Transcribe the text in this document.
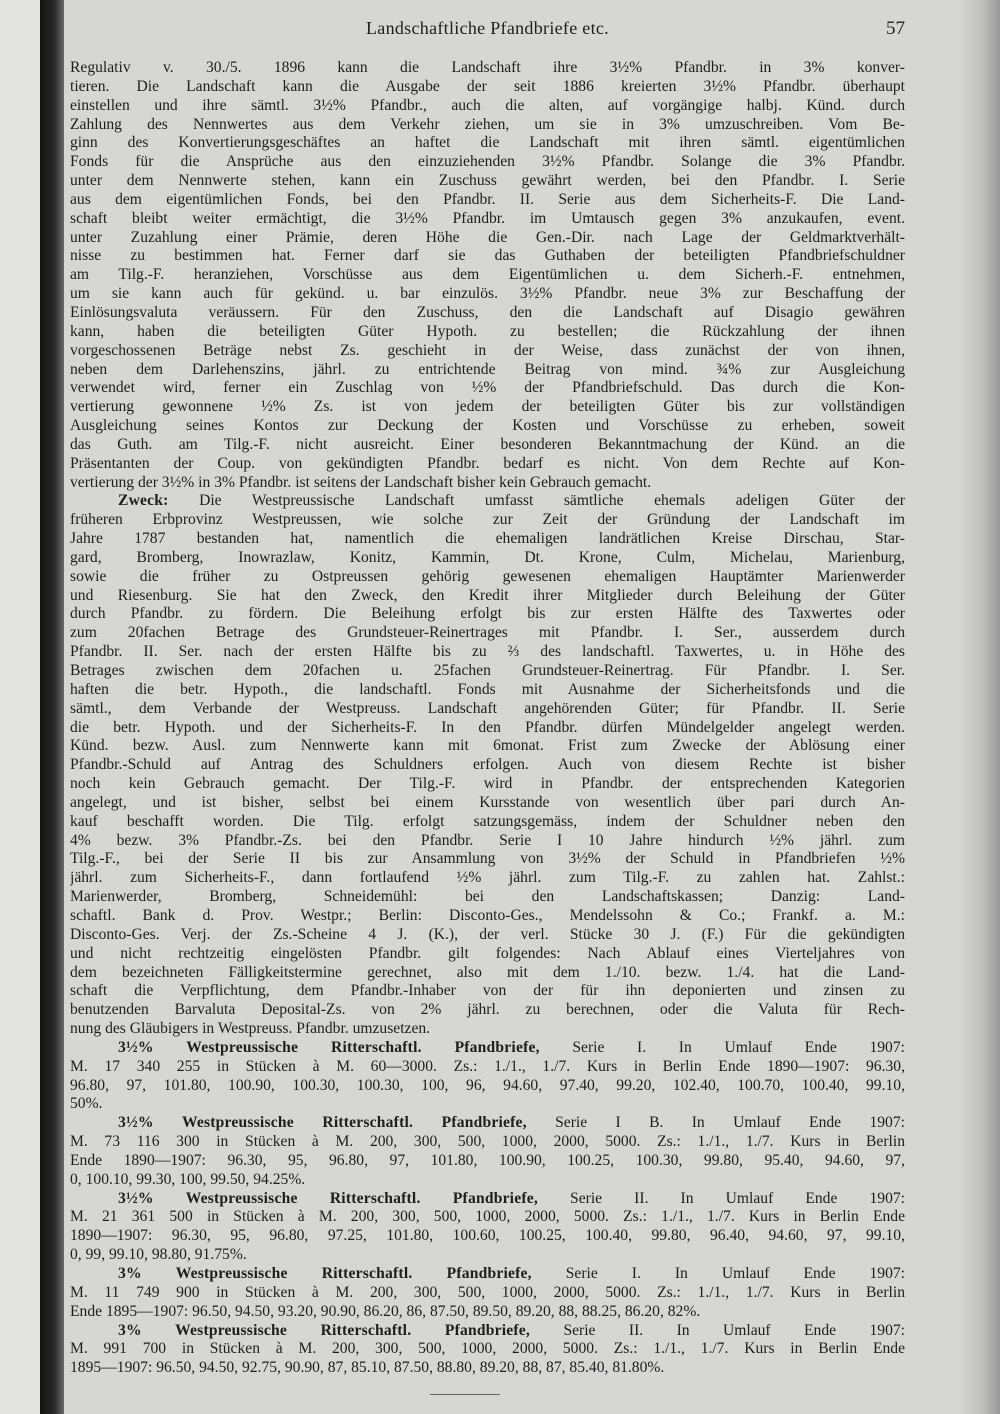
Landschaftliche Pfandbriefe etc.	57
Regulativ v. 30./5. 1896 kann die Landschaft ihre 3½% Pfandbr. in 3% konver-
tieren. Die Landschaft kann die Ausgabe der seit 1886 kreierten 3½% Pfandbr. überhaupt
einstellen und ihre sämtl. 3½% Pfandbr., auch die alten, auf vorgängige halbj. Künd. durch
Zahlung des Nennwertes aus dem Verkehr ziehen, um sie in 3% umzuschreiben. Vom Be-
ginn des Konvertierungsgeschäftes an haftet die Landschaft mit ihren sämtl. eigentümlichen
Fonds für die Ansprüche aus den einzuziehenden 3½% Pfandbr. Solange die 3% Pfandbr.
unter dem Nennwerte stehen, kann ein Zuschuss gewährt werden, bei den Pfandbr. I. Serie
aus dem eigentümlichen Fonds, bei den Pfandbr. II. Serie aus dem Sicherheits-F. Die Land-
schaft bleibt weiter ermächtigt, die 3½% Pfandbr. im Umtausch gegen 3% anzukaufen, event.
unter Zuzahlung einer Prämie, deren Höhe die Gen.-Dir. nach Lage der Geldmarktverhält-
nisse zu bestimmen hat. Ferner darf sie das Guthaben der beteiligten Pfandbriefschuldner
am Tilg.-F. heranziehen, Vorschüsse aus dem Eigentümlichen u. dem Sicherh.-F. entnehmen,
um sie kann auch für gekünd. u. bar einzulös. 3½% Pfandbr. neue 3% zur Beschaffung der
Einlösungsvaluta veräussern. Für den Zuschuss, den die Landschaft auf Disagio gewähren
kann, haben die beteiligten Güter Hypoth. zu bestellen; die Rückzahlung der ihnen
vorgeschossenen Beträge nebst Zs. geschieht in der Weise, dass zunächst der von ihnen,
neben dem Darlehenszins, jährl. zu entrichtende Beitrag von mind. ¾% zur Ausgleichung
verwendet wird, ferner ein Zuschlag von ½% der Pfandbriefschuld. Das durch die Kon-
vertierung gewonnene ½% Zs. ist von jedem der beteiligten Güter bis zur vollständigen
Ausgleichung seines Kontos zur Deckung der Kosten und Vorschüsse zu erheben, soweit
das Guth. am Tilg.-F. nicht ausreicht. Einer besonderen Bekanntmachung der Künd. an die
Präsentanten der Coup. von gekündigten Pfandbr. bedarf es nicht. Von dem Rechte auf Kon-
vertierung der 3½% in 3% Pfandbr. ist seitens der Landschaft bisher kein Gebrauch gemacht.
Zweck: Die Westpreussische Landschaft umfasst sämtliche ehemals adeligen Güter der
früheren Erbprovinz Westpreussen, wie solche zur Zeit der Gründung der Landschaft im
Jahre 1787 bestanden hat, namentlich die ehemaligen landrätlichen Kreise Dirschau, Star-
gard, Bromberg, Inowrazlaw, Konitz, Kammin, Dt. Krone, Culm, Michelau, Marienburg,
sowie die früher zu Ostpreussen gehörig gewesenen ehemaligen Hauptämter Marienwerder
und Riesenburg. Sie hat den Zweck, den Kredit ihrer Mitglieder durch Beleihung der Güter
durch Pfandbr. zu fördern. Die Beleihung erfolgt bis zur ersten Hälfte des Taxwertes oder
zum 20fachen Betrage des Grundsteuer-Reinertrages mit Pfandbr. I. Ser., ausserdem durch
Pfandbr. II. Ser. nach der ersten Hälfte bis zu ⅔ des landschaftl. Taxwertes, u. in Höhe des
Betrages zwischen dem 20fachen u. 25fachen Grundsteuer-Reinertrag. Für Pfandbr. I. Ser.
haften die betr. Hypoth., die landschaftl. Fonds mit Ausnahme der Sicherheitsfonds und die
sämtl., dem Verbande der Westpreuss. Landschaft angehörenden Güter; für Pfandbr. II. Serie
die betr. Hypoth. und der Sicherheits-F. In den Pfandbr. dürfen Mündelgelder angelegt werden.
Künd. bezw. Ausl. zum Nennwerte kann mit 6monat. Frist zum Zwecke der Ablösung einer
Pfandbr.-Schuld auf Antrag des Schuldners erfolgen. Auch von diesem Rechte ist bisher
noch kein Gebrauch gemacht. Der Tilg.-F. wird in Pfandbr. der entsprechenden Kategorien
angelegt, und ist bisher, selbst bei einem Kursstande von wesentlich über pari durch An-
kauf beschafft worden. Die Tilg. erfolgt satzungsgemäss, indem der Schuldner neben den
4% bezw. 3% Pfandbr.-Zs. bei den Pfandbr. Serie I 10 Jahre hindurch ½% jährl. zum
Tilg.-F., bei der Serie II bis zur Ansammlung von 3½% der Schuld in Pfandbriefen ½%
jährl. zum Sicherheits-F., dann fortlaufend ½% jährl. zum Tilg.-F. zu zahlen hat. Zahlst.:
Marienwerder, Bromberg, Schneidemühl: bei den Landschaftskassen; Danzig: Land-
schaftl. Bank d. Prov. Westpr.; Berlin: Disconto-Ges., Mendelssohn & Co.; Frankf. a. M.:
Disconto-Ges. Verj. der Zs.-Scheine 4 J. (K.), der verl. Stücke 30 J. (F.) Für die gekündigten
und nicht rechtzeitig eingelösten Pfandbr. gilt folgendes: Nach Ablauf eines Vierteljahres von
dem bezeichneten Fälligkeitstermine gerechnet, also mit dem 1./10. bezw. 1./4. hat die Land-
schaft die Verpflichtung, dem Pfandbr.-Inhaber von der für ihn deponierten und zinsen zu
benutzenden Barvaluta Deposital-Zs. von 2% jährl. zu berechnen, oder die Valuta für Rech-
nung des Gläubigers in Westpreuss. Pfandbr. umzusetzen.
3½% Westpreussische Ritterschaftl. Pfandbriefe, Serie I. In Umlauf Ende 1907:
M. 17 340 255 in Stücken à M. 60—3000. Zs.: 1./1., 1./7. Kurs in Berlin Ende 1890—1907: 96.30,
96.80, 97, 101.80, 100.90, 100.30, 100.30, 100, 96, 94.60, 97.40, 99.20, 102.40, 100.70, 100.40, 99.10,
50%.
3½% Westpreussische Ritterschaftl. Pfandbriefe, Serie I B. In Umlauf Ende 1907:
M. 73 116 300 in Stücken à M. 200, 300, 500, 1000, 2000, 5000. Zs.: 1./1., 1./7. Kurs in Berlin
Ende 1890—1907: 96.30, 95, 96.80, 97, 101.80, 100.90, 100.25, 100.30, 99.80, 95.40, 94.60, 97,
0, 100.10, 99.30, 100, 99.50, 94.25%.
3½% Westpreussische Ritterschaftl. Pfandbriefe, Serie II. In Umlauf Ende 1907:
M. 21 361 500 in Stücken à M. 200, 300, 500, 1000, 2000, 5000. Zs.: 1./1., 1./7. Kurs in Berlin Ende
1890—1907: 96.30, 95, 96.80, 97.25, 101.80, 100.60, 100.25, 100.40, 99.80, 96.40, 94.60, 97, 99.10,
0, 99, 99.10, 98.80, 91.75%.
3% Westpreussische Ritterschaftl. Pfandbriefe, Serie I. In Umlauf Ende 1907:
M. 11 749 900 in Stücken à M. 200, 300, 500, 1000, 2000, 5000. Zs.: 1./1., 1./7. Kurs in Berlin
Ende 1895—1907: 96.50, 94.50, 93.20, 90.90, 86.20, 86, 87.50, 89.50, 89.20, 88, 88.25, 86.20, 82%.
3% Westpreussische Ritterschaftl. Pfandbriefe, Serie II. In Umlauf Ende 1907:
M. 991 700 in Stücken à M. 200, 300, 500, 1000, 2000, 5000. Zs.: 1./1., 1./7. Kurs in Berlin Ende
1895—1907: 96.50, 94.50, 92.75, 90.90, 87, 85.10, 87.50, 88.80, 89.20, 88, 87, 85.40, 81.80%.
